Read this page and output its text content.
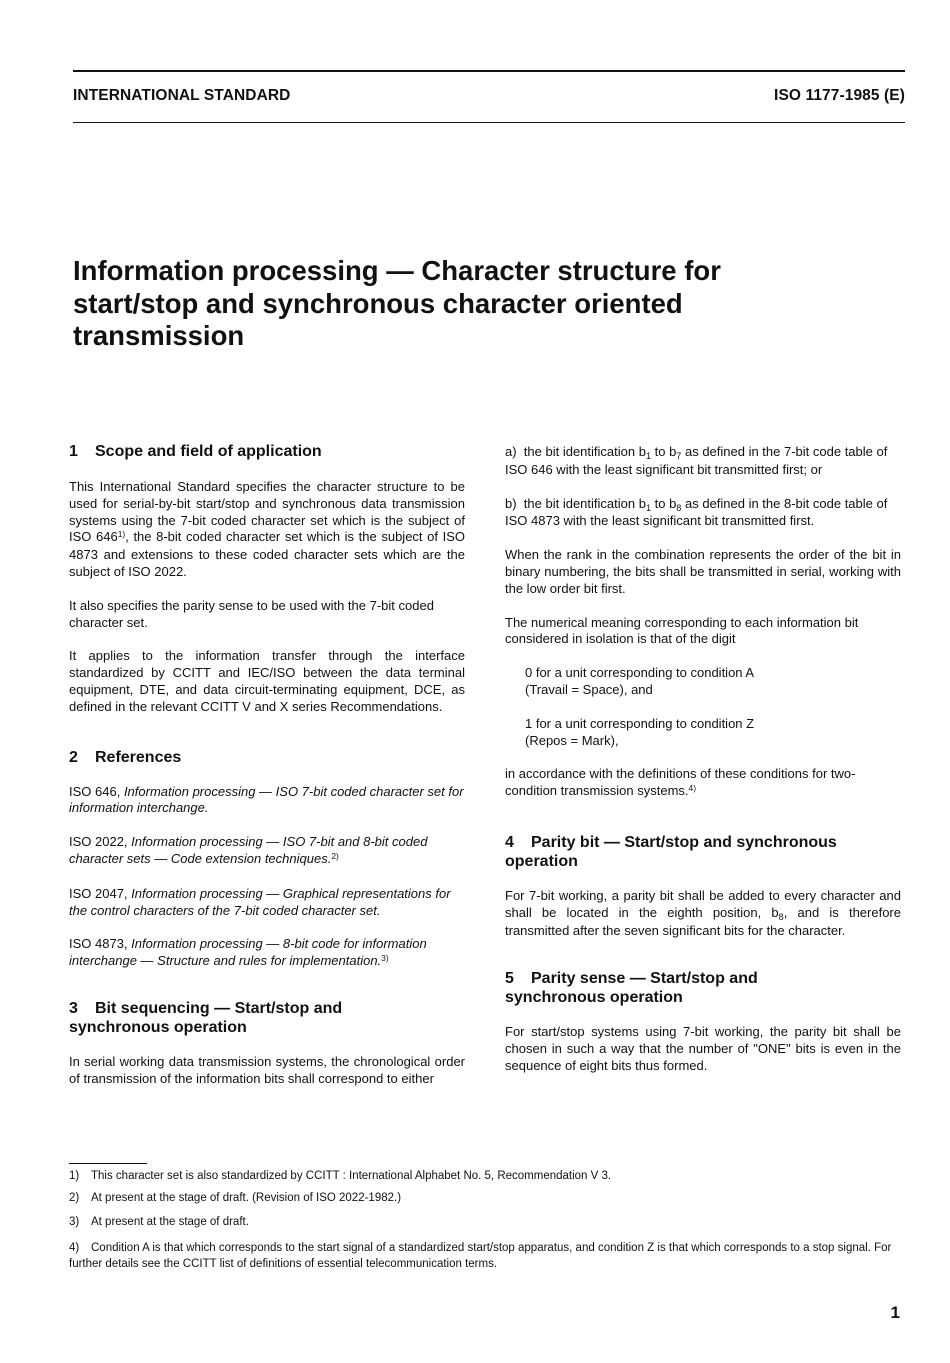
INTERNATIONAL STANDARD	ISO 1177-1985 (E)
Information processing — Character structure for
start/stop and synchronous character oriented
transmission
1 Scope and field of application

This International Standard specifies the character structure to be used for serial-by-bit start/stop and synchronous data transmission systems using the 7-bit coded character set which is the subject of ISO 646$^{1)}$, the 8-bit coded character set which is the subject of ISO 4873 and extensions to these coded character sets which are the subject of ISO 2022.

It also specifies the parity sense to be used with the 7-bit coded character set.

It applies to the information transfer through the interface standardized by CCITT and IEC/ISO between the data terminal equipment, DTE, and data circuit-terminating equipment, DCE, as defined in the relevant CCITT V and X series Recommendations.

2 References

ISO 646, Information processing — ISO 7-bit coded character set for information interchange.

ISO 2022, Information processing — ISO 7-bit and 8-bit coded character sets — Code extension techniques.$^{2)}$

ISO 2047, Information processing — Graphical representations for the control characters of the 7-bit coded character set.

ISO 4873, Information processing — 8-bit code for information interchange — Structure and rules for implementation.$^{3)}$

3 Bit sequencing — Start/stop and
synchronous operation

In serial working data transmission systems, the chronological order of transmission of the information bits shall correspond to either

a) the bit identification $b_1$ to $b_7$ as defined in the 7-bit code table of ISO 646 with the least significant bit transmitted first; or

b) the bit identification $b_1$ to $b_8$ as defined in the 8-bit code table of ISO 4873 with the least significant bit transmitted first.

When the rank in the combination represents the order of the bit in binary numbering, the bits shall be transmitted in serial, working with the low order bit first.

The numerical meaning corresponding to each information bit considered in isolation is that of the digit

0 for a unit corresponding to condition A
(Travail = Space), and

1 for a unit corresponding to condition Z
(Repos = Mark),

in accordance with the definitions of these conditions for two-condition transmission systems.$^{4)}$

4 Parity bit — Start/stop and synchronous
operation

For 7-bit working, a parity bit shall be added to every character and shall be located in the eighth position, $b_8$, and is therefore transmitted after the seven significant bits for the character.

5 Parity sense — Start/stop and
synchronous operation

For start/stop systems using 7-bit working, the parity bit shall be chosen in such a way that the number of "ONE" bits is even in the sequence of eight bits thus formed.

1) This character set is also standardized by CCITT : International Alphabet No. 5, Recommendation V 3.
2) At present at the stage of draft. (Revision of ISO 2022-1982.)
3) At present at the stage of draft.
4) Condition A is that which corresponds to the start signal of a standardized start/stop apparatus, and condition Z is that which corresponds to a stop signal. For further details see the CCITT list of definitions of essential telecommunication terms.
1
